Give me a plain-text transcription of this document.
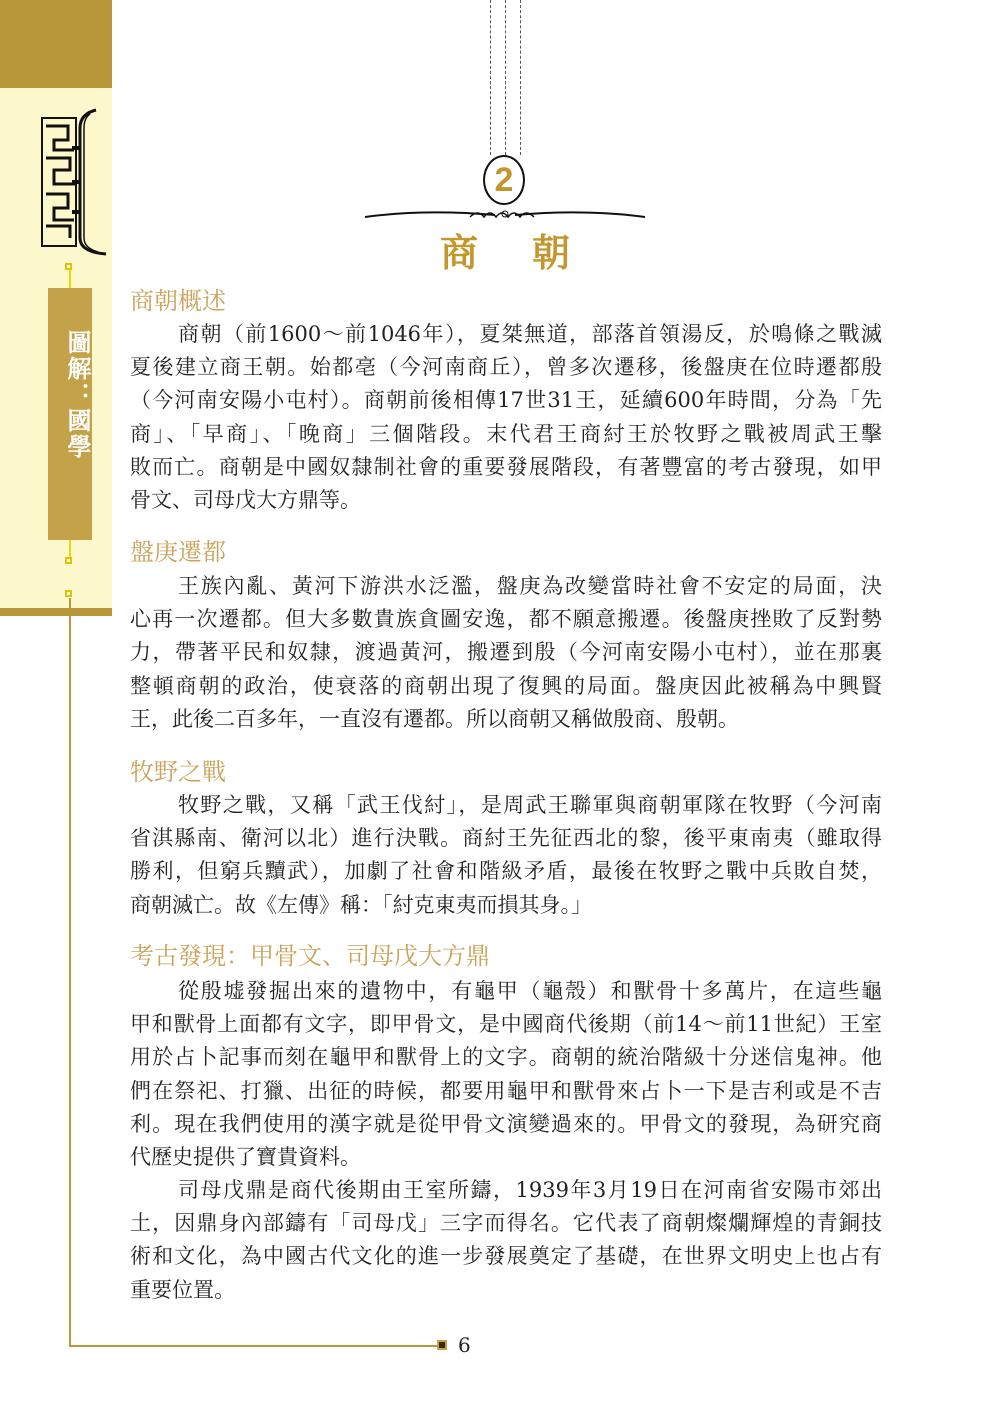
圖解：國學
2
商 朝
商朝概述
商朝（前1600～前1046年），夏桀無道，部落首領湯反，於鳴條之戰滅
夏後建立商王朝。始都亳（今河南商丘），曾多次遷移，後盤庚在位時遷都殷
（今河南安陽小屯村）。商朝前後相傳17世31王，延續600年時間，分為「先
商」、「早商」、「晚商」三個階段。末代君王商紂王於牧野之戰被周武王擊
敗而亡。商朝是中國奴隸制社會的重要發展階段，有著豐富的考古發現，如甲
骨文、司母戊大方鼎等。
盤庚遷都
王族內亂、黃河下游洪水泛濫，盤庚為改變當時社會不安定的局面，決
心再一次遷都。但大多數貴族貪圖安逸，都不願意搬遷。後盤庚挫敗了反對勢
力，帶著平民和奴隸，渡過黃河，搬遷到殷（今河南安陽小屯村），並在那裏
整頓商朝的政治，使衰落的商朝出現了復興的局面。盤庚因此被稱為中興賢
王，此後二百多年，一直沒有遷都。所以商朝又稱做殷商、殷朝。
牧野之戰
牧野之戰，又稱「武王伐紂」，是周武王聯軍與商朝軍隊在牧野（今河南
省淇縣南、衛河以北）進行決戰。商紂王先征西北的黎，後平東南夷（雖取得
勝利，但窮兵黷武），加劇了社會和階級矛盾，最後在牧野之戰中兵敗自焚，
商朝滅亡。故《左傳》稱：「紂克東夷而損其身。」
考古發現：甲骨文、司母戊大方鼎
從殷墟發掘出來的遺物中，有龜甲（龜殼）和獸骨十多萬片，在這些龜
甲和獸骨上面都有文字，即甲骨文，是中國商代後期（前14～前11世紀）王室
用於占卜記事而刻在龜甲和獸骨上的文字。商朝的統治階級十分迷信鬼神。他
們在祭祀、打獵、出征的時候，都要用龜甲和獸骨來占卜一下是吉利或是不吉
利。現在我們使用的漢字就是從甲骨文演變過來的。甲骨文的發現，為研究商
代歷史提供了寶貴資料。
司母戊鼎是商代後期由王室所鑄，1939年3月19日在河南省安陽市郊出
土，因鼎身內部鑄有「司母戊」三字而得名。它代表了商朝燦爛輝煌的青銅技
術和文化，為中國古代文化的進一步發展奠定了基礎，在世界文明史上也占有
重要位置。
6
